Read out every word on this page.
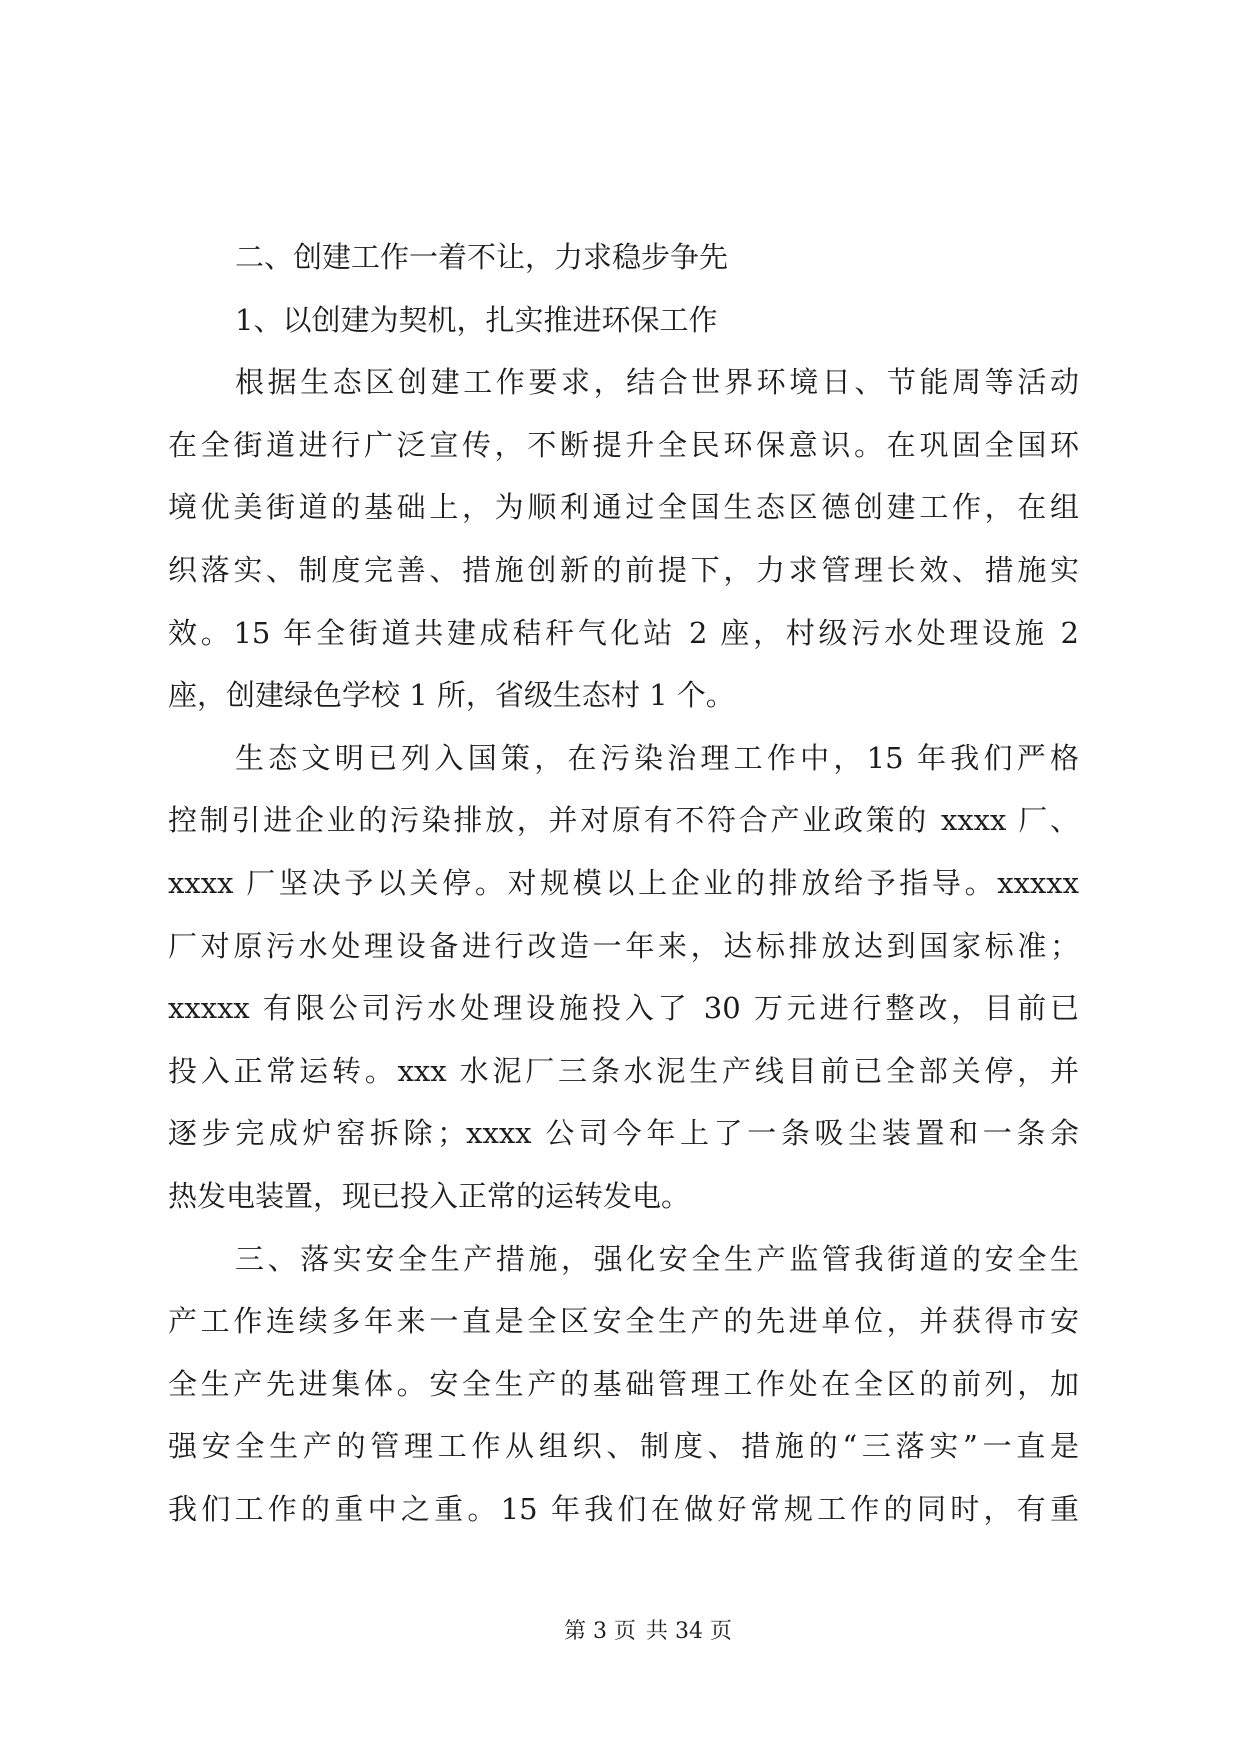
二、创建工作一着不让，力求稳步争先
1、以创建为契机，扎实推进环保工作
根据生态区创建工作要求，结合世界环境日、节能周等活动
在全街道进行广泛宣传，不断提升全民环保意识。在巩固全国环
境优美街道的基础上，为顺利通过全国生态区德创建工作，在组
织落实、制度完善、措施创新的前提下，力求管理长效、措施实
效。15 年全街道共建成秸秆气化站 2 座，村级污水处理设施 2
座，创建绿色学校 1 所，省级生态村 1 个。
生态文明已列入国策，在污染治理工作中，15 年我们严格
控制引进企业的污染排放，并对原有不符合产业政策的 xxxx 厂、
xxxx 厂坚决予以关停。对规模以上企业的排放给予指导。xxxxx
厂对原污水处理设备进行改造一年来，达标排放达到国家标准；
xxxxx 有限公司污水处理设施投入了 30 万元进行整改，目前已
投入正常运转。xxx 水泥厂三条水泥生产线目前已全部关停，并
逐步完成炉窑拆除；xxxx 公司今年上了一条吸尘装置和一条余
热发电装置，现已投入正常的运转发电。
三、落实安全生产措施，强化安全生产监管我街道的安全生
产工作连续多年来一直是全区安全生产的先进单位，并获得市安
全生产先进集体。安全生产的基础管理工作处在全区的前列，加
强安全生产的管理工作从组织、制度、措施的“三落实”一直是
我们工作的重中之重。15 年我们在做好常规工作的同时，有重
第 3 页 共 34 页
